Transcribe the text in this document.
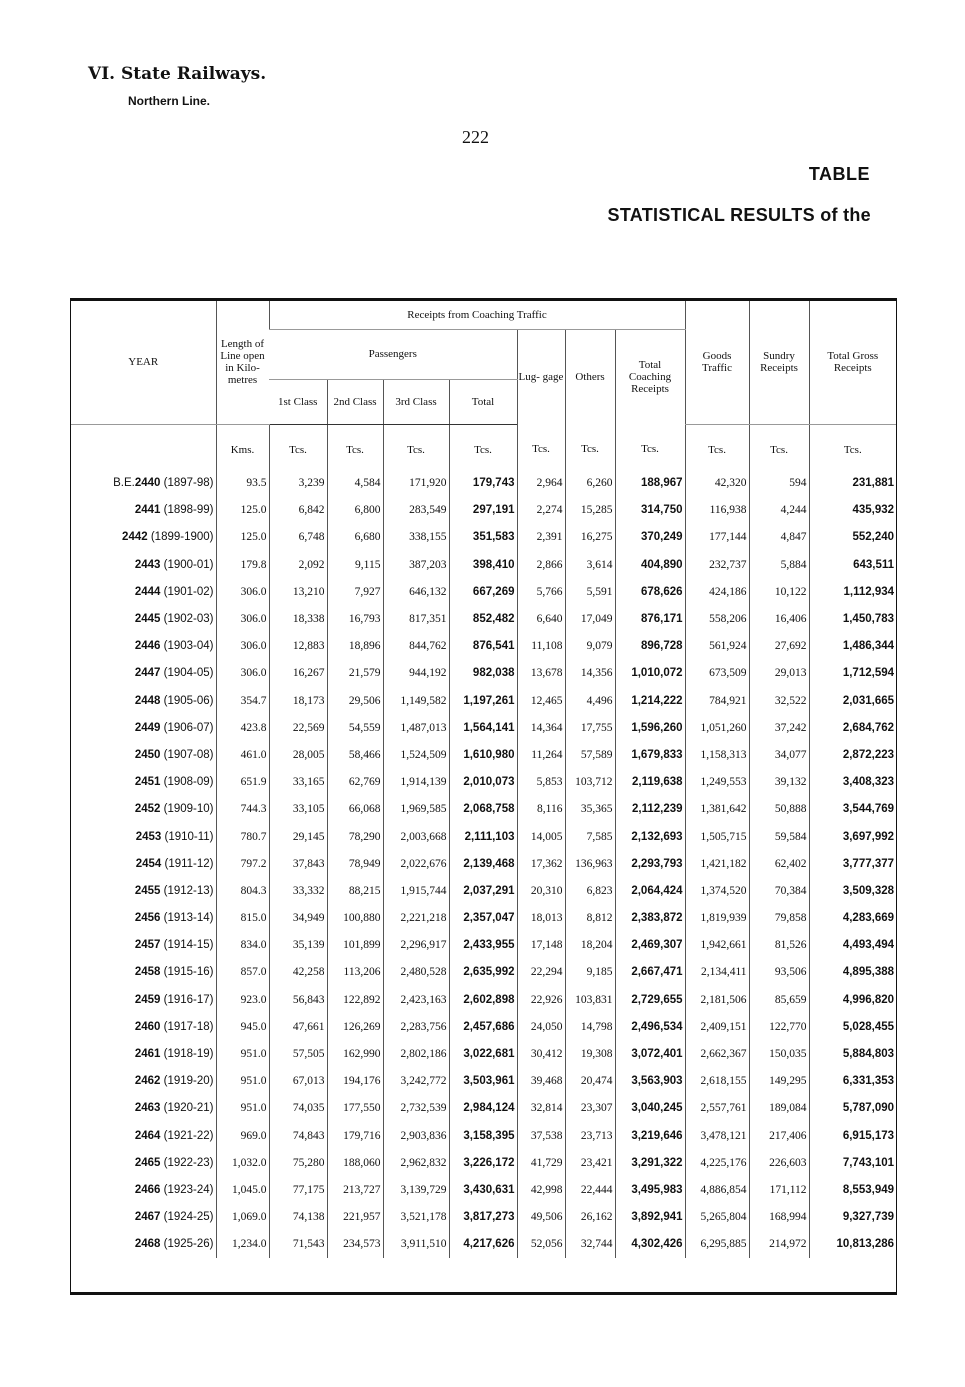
VI. State Railways.
Northern Line.
222
TABLE
STATISTICAL RESULTS of the
YEAR	Length of Line open in Kilo- metres	Receipts from Coaching Traffic							Goods Traffic	Sundry Receipts	Total Gross Receipts
		Passengers				Lug- gage	Others	Total Coaching Receipts			
		1st Class	2nd Class	3rd Class	Total						
	Kms.	Tcs.	Tcs.	Tcs.	Tcs.	Tcs.	Tcs.	Tcs.	Tcs.	Tcs.	Tcs.
B.E.2440 (1897-98)	93.5	3,239	4,584	171,920	179,743	2,964	6,260	188,967	42,320	594	231,881
2441 (1898-99)	125.0	6,842	6,800	283,549	297,191	2,274	15,285	314,750	116,938	4,244	435,932
2442 (1899-1900)	125.0	6,748	6,680	338,155	351,583	2,391	16,275	370,249	177,144	4,847	552,240
2443 (1900-01)	179.8	2,092	9,115	387,203	398,410	2,866	3,614	404,890	232,737	5,884	643,511
2444 (1901-02)	306.0	13,210	7,927	646,132	667,269	5,766	5,591	678,626	424,186	10,122	1,112,934
2445 (1902-03)	306.0	18,338	16,793	817,351	852,482	6,640	17,049	876,171	558,206	16,406	1,450,783
2446 (1903-04)	306.0	12,883	18,896	844,762	876,541	11,108	9,079	896,728	561,924	27,692	1,486,344
2447 (1904-05)	306.0	16,267	21,579	944,192	982,038	13,678	14,356	1,010,072	673,509	29,013	1,712,594
2448 (1905-06)	354.7	18,173	29,506	1,149,582	1,197,261	12,465	4,496	1,214,222	784,921	32,522	2,031,665
2449 (1906-07)	423.8	22,569	54,559	1,487,013	1,564,141	14,364	17,755	1,596,260	1,051,260	37,242	2,684,762
2450 (1907-08)	461.0	28,005	58,466	1,524,509	1,610,980	11,264	57,589	1,679,833	1,158,313	34,077	2,872,223
2451 (1908-09)	651.9	33,165	62,769	1,914,139	2,010,073	5,853	103,712	2,119,638	1,249,553	39,132	3,408,323
2452 (1909-10)	744.3	33,105	66,068	1,969,585	2,068,758	8,116	35,365	2,112,239	1,381,642	50,888	3,544,769
2453 (1910-11)	780.7	29,145	78,290	2,003,668	2,111,103	14,005	7,585	2,132,693	1,505,715	59,584	3,697,992
2454 (1911-12)	797.2	37,843	78,949	2,022,676	2,139,468	17,362	136,963	2,293,793	1,421,182	62,402	3,777,377
2455 (1912-13)	804.3	33,332	88,215	1,915,744	2,037,291	20,310	6,823	2,064,424	1,374,520	70,384	3,509,328
2456 (1913-14)	815.0	34,949	100,880	2,221,218	2,357,047	18,013	8,812	2,383,872	1,819,939	79,858	4,283,669
2457 (1914-15)	834.0	35,139	101,899	2,296,917	2,433,955	17,148	18,204	2,469,307	1,942,661	81,526	4,493,494
2458 (1915-16)	857.0	42,258	113,206	2,480,528	2,635,992	22,294	9,185	2,667,471	2,134,411	93,506	4,895,388
2459 (1916-17)	923.0	56,843	122,892	2,423,163	2,602,898	22,926	103,831	2,729,655	2,181,506	85,659	4,996,820
2460 (1917-18)	945.0	47,661	126,269	2,283,756	2,457,686	24,050	14,798	2,496,534	2,409,151	122,770	5,028,455
2461 (1918-19)	951.0	57,505	162,990	2,802,186	3,022,681	30,412	19,308	3,072,401	2,662,367	150,035	5,884,803
2462 (1919-20)	951.0	67,013	194,176	3,242,772	3,503,961	39,468	20,474	3,563,903	2,618,155	149,295	6,331,353
2463 (1920-21)	951.0	74,035	177,550	2,732,539	2,984,124	32,814	23,307	3,040,245	2,557,761	189,084	5,787,090
2464 (1921-22)	969.0	74,843	179,716	2,903,836	3,158,395	37,538	23,713	3,219,646	3,478,121	217,406	6,915,173
2465 (1922-23)	1,032.0	75,280	188,060	2,962,832	3,226,172	41,729	23,421	3,291,322	4,225,176	226,603	7,743,101
2466 (1923-24)	1,045.0	77,175	213,727	3,139,729	3,430,631	42,998	22,444	3,495,983	4,886,854	171,112	8,553,949
2467 (1924-25)	1,069.0	74,138	221,957	3,521,178	3,817,273	49,506	26,162	3,892,941	5,265,804	168,994	9,327,739
2468 (1925-26)	1,234.0	71,543	234,573	3,911,510	4,217,626	52,056	32,744	4,302,426	6,295,885	214,972	10,813,286
